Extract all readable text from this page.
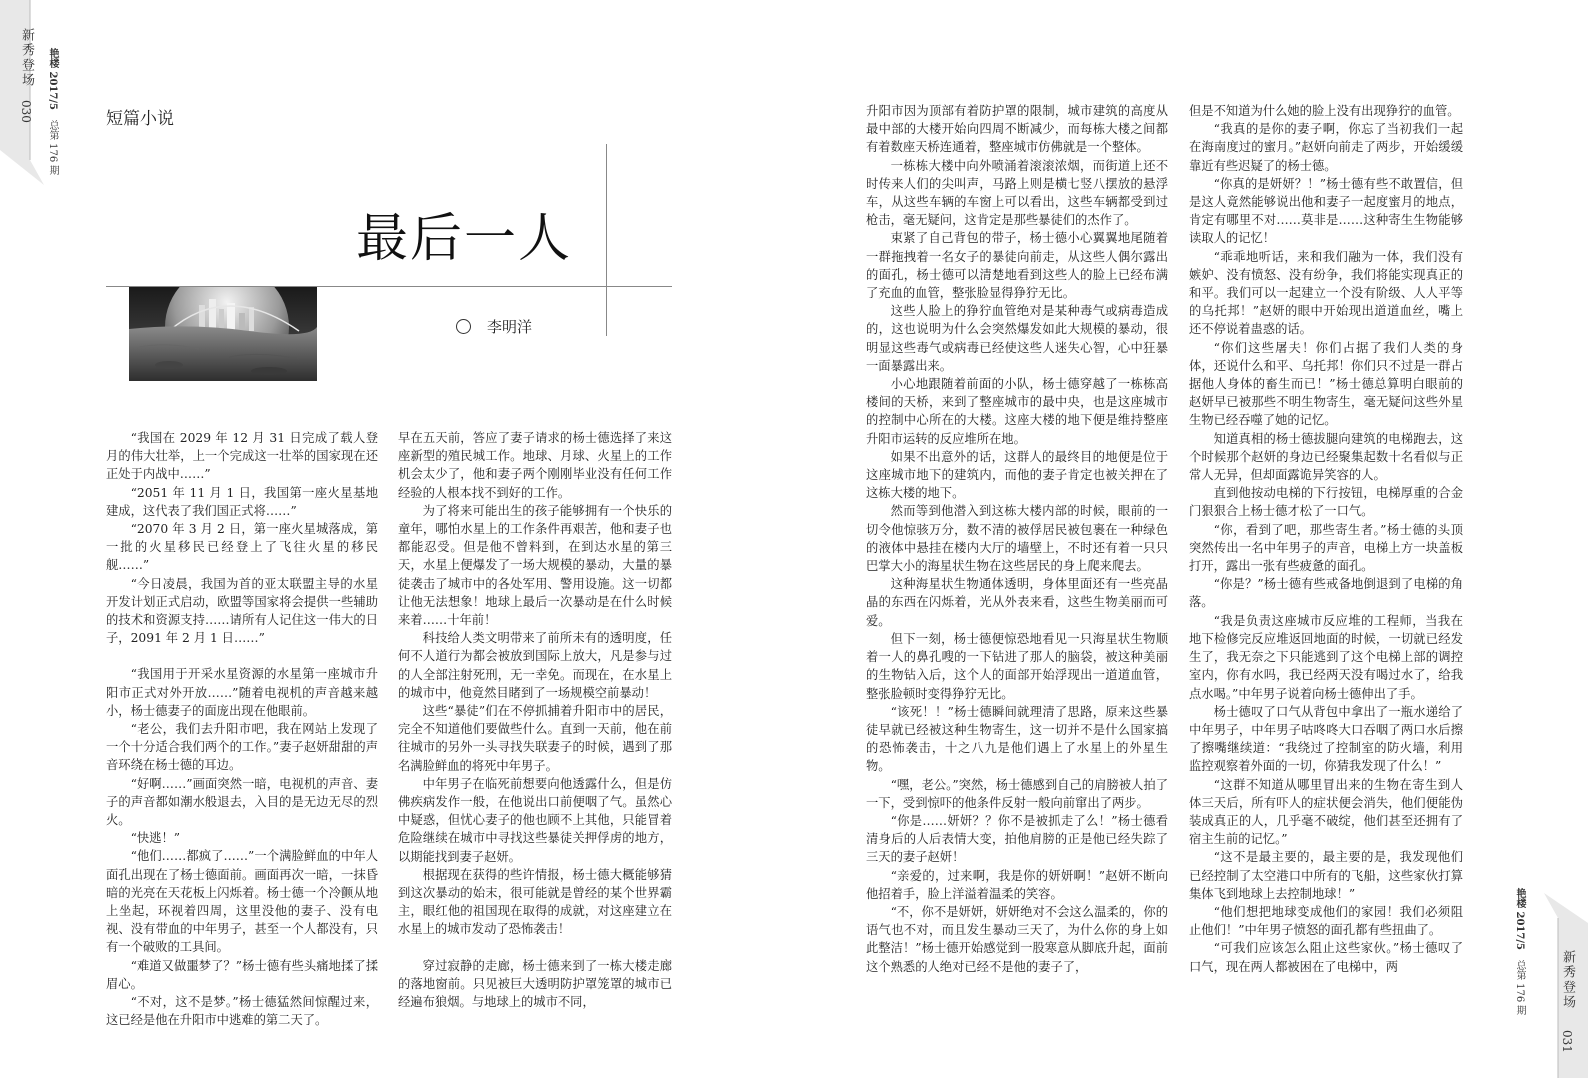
新秀登场
030
艳楼 2017/5
总第 176 期
短篇小说
最后一人
李明洋

“我国在 2029 年 12 月 31 日完成了载人登月的伟大壮举，上一个完成这一壮举的国家现在还正处于内战中……”

“2051 年 11 月 1 日，我国第一座火星基地建成，这代表了我们国正式将……”

“2070 年 3 月 2 日，第一座火星城落成，第一批的火星移民已经登上了飞往火星的移民舰……”

“今日凌晨，我国为首的亚太联盟主导的水星开发计划正式启动，欧盟等国家将会提供一些辅助的技术和资源支持……请所有人记住这一伟大的日子，2091 年 2 月 1 日……”

“我国用于开采水星资源的水星第一座城市升阳市正式对外开放……”随着电视机的声音越来越小，杨士德妻子的面庞出现在他眼前。

“老公，我们去升阳市吧，我在网站上发现了一个十分适合我们两个的工作。”妻子赵妍甜甜的声音环绕在杨士德的耳边。

“好啊……”画面突然一暗，电视机的声音、妻子的声音都如潮水般退去，入目的是无边无尽的烈火。

“快逃！”

“他们……都疯了……”一个满脸鲜血的中年人面孔出现在了杨士德面前。画面再次一暗，一抹昏暗的光亮在天花板上闪烁着。杨士德一个冷颤从地上坐起，环视着四周，这里没他的妻子、没有电视、没有带血的中年男子，甚至一个人都没有，只有一个破败的工具间。

“难道又做噩梦了？”杨士德有些头痛地揉了揉眉心。

“不对，这不是梦。”杨士德猛然间惊醒过来，这已经是他在升阳市中逃难的第二天了。

早在五天前，答应了妻子请求的杨士德选择了来这座新型的殖民城工作。地球、月球、火星上的工作机会太少了，他和妻子两个刚刚毕业没有任何工作经验的人根本找不到好的工作。

为了将来可能出生的孩子能够拥有一个快乐的童年，哪怕水星上的工作条件再艰苦，他和妻子也都能忍受。但是他不曾料到，在到达水星的第三天，水星上便爆发了一场大规模的暴动，大量的暴徒袭击了城市中的各处军用、警用设施。这一切都让他无法想象！地球上最后一次暴动是在什么时候来着……十年前！

科技给人类文明带来了前所未有的透明度，任何不人道行为都会被放到国际上放大，凡是参与过的人全部注射死刑，无一幸免。而现在，在水星上的城市中，他竟然目睹到了一场规模空前暴动！

这些“暴徒”们在不停抓捕着升阳市中的居民，完全不知道他们要做些什么。直到一天前，他在前往城市的另外一头寻找失联妻子的时候，遇到了那名满脸鲜血的将死中年男子。

中年男子在临死前想要向他透露什么，但是仿佛疾病发作一般，在他说出口前便咽了气。虽然心中疑惑，但忧心妻子的他也顾不上其他，只能冒着危险继续在城市中寻找这些暴徒关押俘虏的地方，以期能找到妻子赵妍。

根据现在获得的些许情报，杨士德大概能够猜到这次暴动的始末，很可能就是曾经的某个世界霸主，眼红他的祖国现在取得的成就，对这座建立在水星上的城市发动了恐怖袭击！

穿过寂静的走廊，杨士德来到了一栋大楼走廊的落地窗前。只见被巨大透明防护罩笼罩的城市已经遍布狼烟。与地球上的城市不同，

升阳市因为顶部有着防护罩的限制，城市建筑的高度从最中部的大楼开始向四周不断减少，而每栋大楼之间都有着数座天桥连通着，整座城市仿佛就是一个整体。

一栋栋大楼中向外喷涌着滚滚浓烟，而街道上还不时传来人们的尖叫声，马路上则是横七竖八摆放的悬浮车，从这些车辆的车窗上可以看出，这些车辆都受到过枪击，毫无疑问，这肯定是那些暴徒们的杰作了。

束紧了自己背包的带子，杨士德小心翼翼地尾随着一群拖拽着一名女子的暴徒向前走，从这些人偶尔露出的面孔，杨士德可以清楚地看到这些人的脸上已经布满了充血的血管，整张脸显得狰狞无比。

这些人脸上的狰狞血管绝对是某种毒气或病毒造成的，这也说明为什么会突然爆发如此大规模的暴动，很明显这些毒气或病毒已经使这些人迷失心智，心中狂暴一面暴露出来。

小心地跟随着前面的小队，杨士德穿越了一栋栋高楼间的天桥，来到了整座城市的最中央，也是这座城市的控制中心所在的大楼。这座大楼的地下便是维持整座升阳市运转的反应堆所在地。

如果不出意外的话，这群人的最终目的地便是位于这座城市地下的建筑内，而他的妻子肯定也被关押在了这栋大楼的地下。

然而等到他潜入到这栋大楼内部的时候，眼前的一切令他惊骇万分，数不清的被俘居民被包裹在一种绿色的液体中悬挂在楼内大厅的墙壁上，不时还有着一只只巴掌大小的海星状生物在这些居民的身上爬来爬去。

这种海星状生物通体透明，身体里面还有一些亮晶晶的东西在闪烁着，光从外表来看，这些生物美丽而可爱。

但下一刻，杨士德便惊恐地看见一只海星状生物顺着一人的鼻孔嗖的一下钻进了那人的脑袋，被这种美丽的生物钻入后，这个人的面部开始浮现出一道道血管，整张脸顿时变得狰狞无比。

“该死！！”杨士德瞬间就理清了思路，原来这些暴徒早就已经被这种生物寄生，这一切并不是什么国家搞的恐怖袭击，十之八九是他们遇上了水星上的外星生物。

“嘿，老公。”突然，杨士德感到自己的肩膀被人拍了一下，受到惊吓的他条件反射一般向前窜出了两步。

“你是……妍妍？？你不是被抓走了么！”杨士德看清身后的人后表情大变，拍他肩膀的正是他已经失踪了三天的妻子赵妍！

“亲爱的，过来啊，我是你的妍妍啊！”赵妍不断向他招着手，脸上洋溢着温柔的笑容。

“不，你不是妍妍，妍妍绝对不会这么温柔的，你的语气也不对，而且发生暴动三天了，为什么你的身上如此整洁！”杨士德开始感觉到一股寒意从脚底升起，面前这个熟悉的人绝对已经不是他的妻子了，

但是不知道为什么她的脸上没有出现狰狞的血管。

“我真的是你的妻子啊，你忘了当初我们一起在海南度过的蜜月。”赵妍向前走了两步，开始缓缓靠近有些迟疑了的杨士德。

“你真的是妍妍？！”杨士德有些不敢置信，但是这人竟然能够说出他和妻子一起度蜜月的地点，肯定有哪里不对……莫非是……这种寄生生物能够读取人的记忆！

“乖乖地听话，来和我们融为一体，我们没有嫉妒、没有愤怒、没有纷争，我们将能实现真正的和平。我们可以一起建立一个没有阶级、人人平等的乌托邦！”赵妍的眼中开始现出道道血丝，嘴上还不停说着蛊惑的话。

“你们这些屠夫！你们占据了我们人类的身体，还说什么和平、乌托邦！你们只不过是一群占据他人身体的畜生而已！”杨士德总算明白眼前的赵妍早已被那些不明生物寄生，毫无疑问这些外星生物已经吞噬了她的记忆。

知道真相的杨士德拔腿向建筑的电梯跑去，这个时候那个赵妍的身边已经聚集起数十名看似与正常人无异，但却面露诡异笑容的人。

直到他按动电梯的下行按钮，电梯厚重的合金门狠狠合上杨士德才松了一口气。

“你，看到了吧，那些寄生者。”杨士德的头顶突然传出一名中年男子的声音，电梯上方一块盖板打开，露出一张有些疲惫的面孔。

“你是？”杨士德有些戒备地倒退到了电梯的角落。

“我是负责这座城市反应堆的工程师，当我在地下检修完反应堆返回地面的时候，一切就已经发生了，我无奈之下只能逃到了这个电梯上部的调控室内，你有水吗，我已经两天没有喝过水了，给我点水喝。”中年男子说着向杨士德伸出了手。

杨士德叹了口气从背包中拿出了一瓶水递给了中年男子，中年男子咕咚咚大口吞咽了两口水后擦了擦嘴继续道：“我绕过了控制室的防火墙，利用监控观察着外面的一切，你猜我发现了什么！”

“这群不知道从哪里冒出来的生物在寄生到人体三天后，所有吓人的症状便会消失，他们便能伪装成真正的人，几乎毫不破绽，他们甚至还拥有了宿主生前的记忆。”

“这不是最主要的，最主要的是，我发现他们已经控制了太空港口中所有的飞船，这些家伙打算集体飞到地球上去控制地球！”

“他们想把地球变成他们的家园！我们必须阻止他们！”中年男子愤怒的面孔都有些扭曲了。

“可我们应该怎么阻止这些家伙。”杨士德叹了口气，现在两人都被困在了电梯中，两

艳楼 2017/5
总第 176 期	新秀登场
031
